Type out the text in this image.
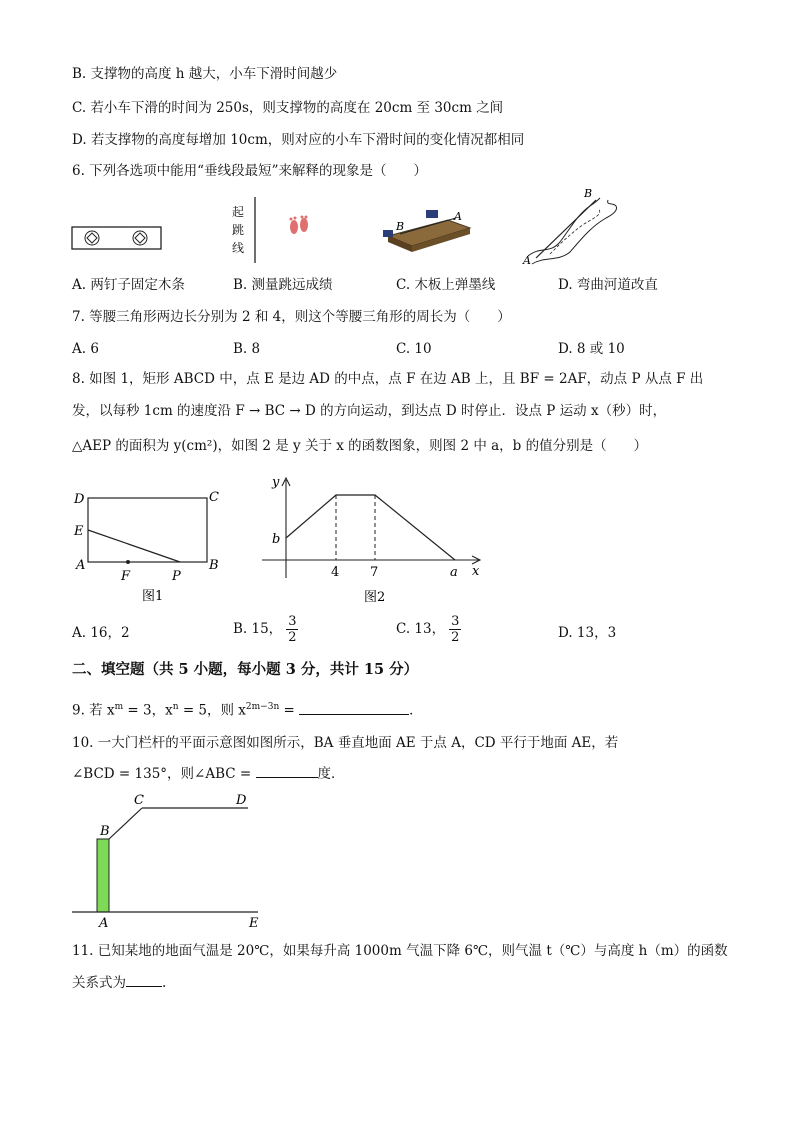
B. 支撑物的高度 h 越大，小车下滑时间越少
C. 若小车下滑的时间为 250s，则支撑物的高度在 20cm 至 30cm 之间
D. 若支撑物的高度每增加 10cm，则对应的小车下滑时间的变化情况都相同
6. 下列各选项中能用“垂线段最短”来解释的现象是（　　）
起
跳
线
B
A
B
A
A. 两钉子固定木条	B. 测量跳远成绩	C. 木板上弹墨线	D. 弯曲河道改直
7. 等腰三角形两边长分别为 2 和 4，则这个等腰三角形的周长为（　　）
A. 6	B. 8	C. 10	D. 8 或 10
8. 如图 1，矩形 ABCD 中，点 E 是边 AD 的中点，点 F 在边 AB 上，且 BF = 2AF，动点 P 从点 F 出
发，以每秒 1cm 的速度沿 F → BC → D 的方向运动，到达点 D 时停止．设点 P 运动 x（秒）时，
△AEP 的面积为 y(cm²)，如图 2 是 y 关于 x 的函数图象，则图 2 中 a，b 的值分别是（　　）
D	C
E
A
F	P
B
图1
y
b
4 7	a x
图2
A. 16，2	B. 15， $\frac{3}{2}$	C. 13， $\frac{3}{2}$	D. 13，3
二、填空题（共 5 小题，每小题 3 分，共计 15 分）
9. 若 $x^m = 3$，$x^n = 5$，则 $x^{2m-3n}$ =	．
10. 一大门栏杆的平面示意图如图所示，BA 垂直地面 AE 于点 A，CD 平行于地面 AE，若
∠BCD = 135°，则∠ABC =	度．
C	D
B
A	E
11. 已知某地的地面气温是 20℃，如果每升高 1000m 气温下降 6℃，则气温 t（℃）与高度 h（m）的函数
关系式为	.
